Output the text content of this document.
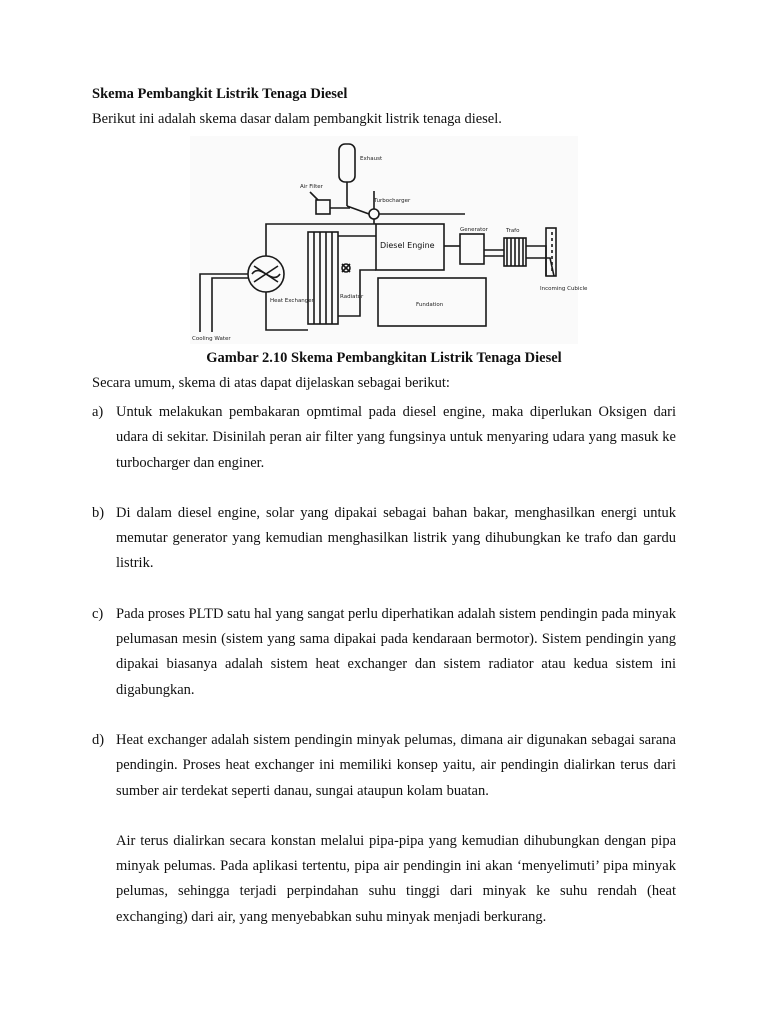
Skema Pembangkit Listrik Tenaga Diesel
Berikut ini adalah skema dasar dalam pembangkit listrik tenaga diesel.
Exhaust
Air Filter
Turbocharger
Diesel Engine
Generator	Trafo
Heat Exchanger
Radiator
Fundation
Cooling Water
Incoming Cubicle
Gambar 2.10 Skema Pembangkitan Listrik Tenaga Diesel
Secara umum, skema di atas dapat dijelaskan sebagai berikut:
a) Untuk melakukan pembakaran opmtimal pada diesel engine, maka diperlukan Oksigen dari udara di sekitar. Disinilah peran air filter yang fungsinya untuk menyaring udara yang masuk ke turbocharger dan enginer.
b) Di dalam diesel engine, solar yang dipakai sebagai bahan bakar, menghasilkan energi untuk memutar generator yang kemudian menghasilkan listrik yang dihubungkan ke trafo dan gardu listrik.
c) Pada proses PLTD satu hal yang sangat perlu diperhatikan adalah sistem pendingin pada minyak pelumasan mesin (sistem yang sama dipakai pada kendaraan bermotor). Sistem pendingin yang dipakai biasanya adalah sistem heat exchanger dan sistem radiator atau kedua sistem ini digabungkan.
d) Heat exchanger adalah sistem pendingin minyak pelumas, dimana air digunakan sebagai sarana pendingin. Proses heat exchanger ini memiliki konsep yaitu, air pendingin dialirkan terus dari sumber air terdekat seperti danau, sungai ataupun kolam buatan.
Air terus dialirkan secara konstan melalui pipa-pipa yang kemudian dihubungkan dengan pipa minyak pelumas. Pada aplikasi tertentu, pipa air pendingin ini akan ‘menyelimuti’ pipa minyak pelumas, sehingga terjadi perpindahan suhu tinggi dari minyak ke suhu rendah (heat exchanging) dari air, yang menyebabkan suhu minyak menjadi berkurang.
